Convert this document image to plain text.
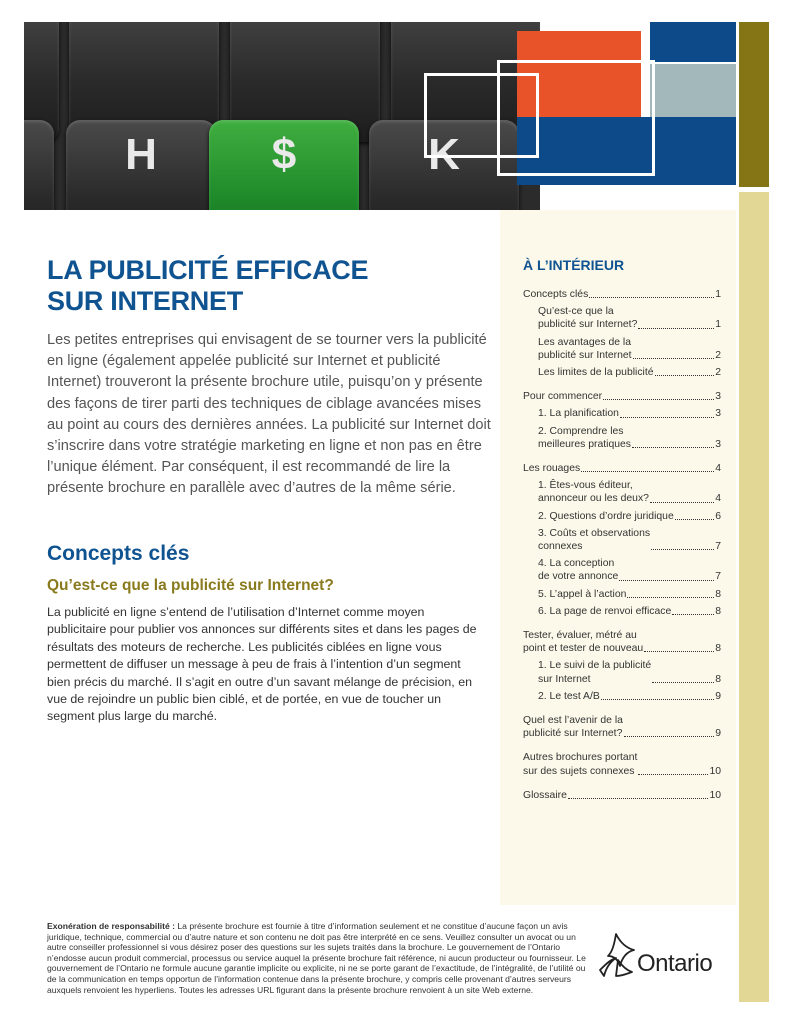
H	$	K
LA PUBLICITÉ EFFICACE
SUR INTERNET

Les petites entreprises qui envisagent de se tourner vers la publicité en ligne (également appelée publicité sur Internet et publicité Internet) trouveront la présente brochure utile, puisqu’on y présente des façons de tirer parti des techniques de ciblage avancées mises au point au cours des dernières années. La publicité sur Internet doit s’inscrire dans votre stratégie marketing en ligne et non pas en être l’unique élément. Par conséquent, il est recommandé de lire la présente brochure en parallèle avec d’autres de la même série.

Concepts clés
Qu’est-ce que la publicité sur Internet?

La publicité en ligne s’entend de l’utilisation d’Internet comme moyen publicitaire pour publier vos annonces sur différents sites et dans les pages de résultats des moteurs de recherche. Les publicités ciblées en ligne vous permettent de diffuser un message à peu de frais à l’intention d’un segment bien précis du marché. Il s’agit en outre d’un savant mélange de précision, en vue de rejoindre un public bien ciblé, et de portée, en vue de toucher un segment plus large du marché.

À L’INTÉRIEUR
Concepts clés	1
Qu’est-ce que la
publicité sur Internet?	1
Les avantages de la
publicité sur Internet	2
Les limites de la publicité	2
Pour commencer	3
1. La planification	3
2. Comprendre les
meilleures pratiques	3
Les rouages	4
1. Êtes-vous éditeur,
annonceur ou les deux?	4
2. Questions d’ordre juridique	6
3. Coûts et observations
connexes	7
4. La conception
de votre annonce	7
5. L’appel à l’action	8
6. La page de renvoi efficace	8
Tester, évaluer, métré au
point et tester de nouveau	8
1. Le suivi de la publicité
sur Internet	8
2. Le test A/B	9
Quel est l’avenir de la
publicité sur Internet?	9
Autres brochures portant
sur des sujets connexes	10
Glossaire	10

Exonération de responsabilité : La présente brochure est fournie à titre d’information seulement et ne constitue d’aucune façon un avis juridique, technique, commercial ou d’autre nature et son contenu ne doit pas être interprété en ce sens. Veuillez consulter un avocat ou un autre conseiller professionnel si vous désirez poser des questions sur les sujets traités dans la brochure. Le gouvernement de l’Ontario n’endosse aucun produit commercial, processus ou service auquel la présente brochure fait référence, ni aucun producteur ou fournisseur. Le gouvernement de l’Ontario ne formule aucune garantie implicite ou explicite, ni ne se porte garant de l’exactitude, de l’intégralité, de l’utilité ou de la communication en temps opportun de l’information contenue dans la présente brochure, y compris celle provenant d’autres serveurs auxquels renvoient les hyperliens. Toutes les adresses URL figurant dans la présente brochure renvoient à un site Web externe.

Ontario
